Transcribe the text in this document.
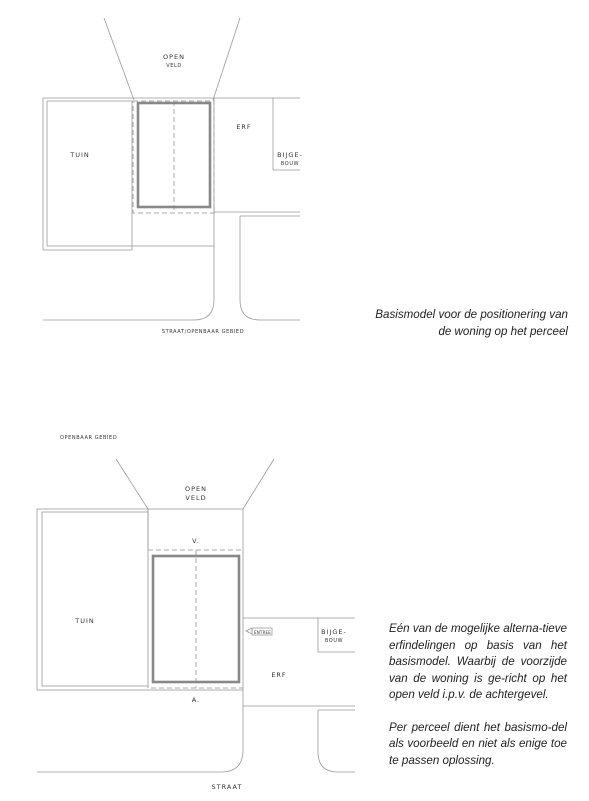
OPEN
VELD
TUIN
ERF
BIJGE-
BOUW
STRAAT/OPENBAAR GEBIED
OPENBAAR GEBIED
ENTREE
OPEN
VELD
V.
A.
TUIN
ERF
BIJGE-
BOUW
STRAAT
Basismodel voor de positionering van de woning op het perceel

Eén van de mogelijke alterna-tieve erfindelingen op basis van het basismodel. Waarbij de voorzijde van de woning is ge-richt op het open veld i.p.v. de achtergevel.

Per perceel dient het basismo-del als voorbeeld en niet als enige toe te passen oplossing.
